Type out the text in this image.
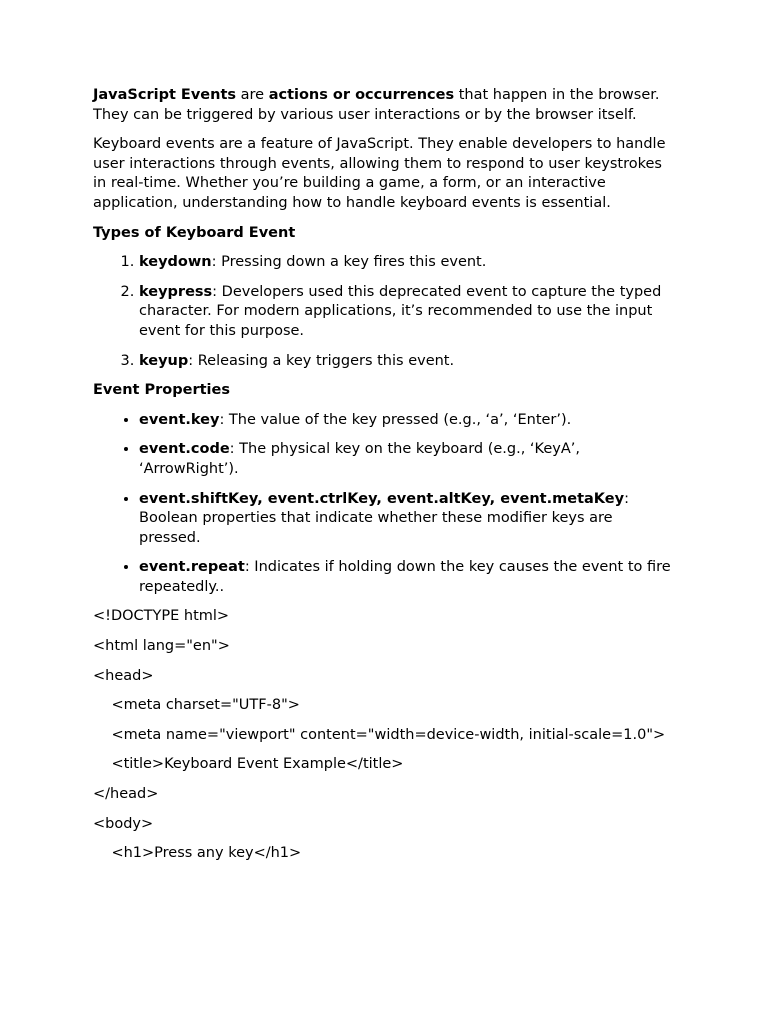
JavaScript Events are actions or occurrences that happen in the browser. They can be triggered by various user interactions or by the browser itself.

Keyboard events are a feature of JavaScript. They enable developers to handle user interactions through events, allowing them to respond to user keystrokes in real-time. Whether you’re building a game, a form, or an interactive application, understanding how to handle keyboard events is essential.

Types of Keyboard Event

1. keydown: Pressing down a key fires this event.
2. keypress: Developers used this deprecated event to capture the typed character. For modern applications, it’s recommended to use the input event for this purpose.
3. keyup: Releasing a key triggers this event.

Event Properties

• event.key: The value of the key pressed (e.g., ‘a’, ‘Enter’).
• event.code: The physical key on the keyboard (e.g., ‘KeyA’, ‘ArrowRight’).
• event.shiftKey, event.ctrlKey, event.altKey, event.metaKey: Boolean properties that indicate whether these modifier keys are pressed.
• event.repeat: Indicates if holding down the key causes the event to fire repeatedly..

<!DOCTYPE html>

<html lang="en">

<head>

<meta charset="UTF-8">

<meta name="viewport" content="width=device-width, initial-scale=1.0">

<title>Keyboard Event Example</title>

</head>

<body>

<h1>Press any key</h1>
